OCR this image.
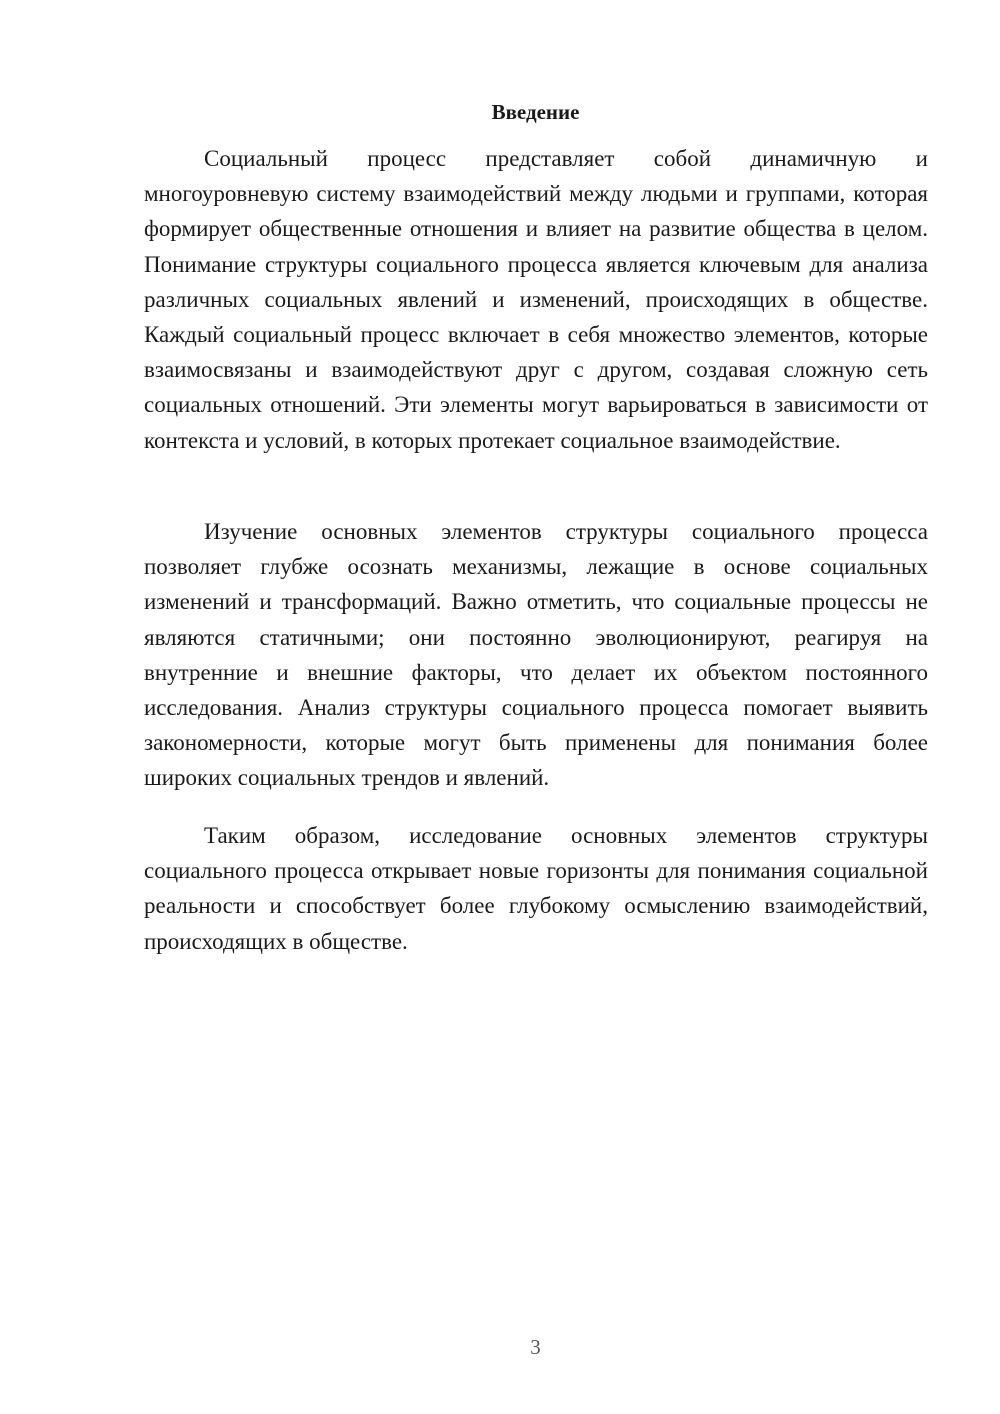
Введение

Социальный процесс представляет собой динамичную и многоуровневую систему взаимодействий между людьми и группами, которая формирует общественные отношения и влияет на развитие общества в целом. Понимание структуры социального процесса является ключевым для анализа различных социальных явлений и изменений, происходящих в обществе. Каждый социальный процесс включает в себя множество элементов, которые взаимосвязаны и взаимодействуют друг с другом, создавая сложную сеть социальных отношений. Эти элементы могут варьироваться в зависимости от контекста и условий, в которых протекает социальное взаимодействие.

Изучение основных элементов структуры социального процесса позволяет глубже осознать механизмы, лежащие в основе социальных изменений и трансформаций. Важно отметить, что социальные процессы не являются статичными; они постоянно эволюционируют, реагируя на внутренние и внешние факторы, что делает их объектом постоянного исследования. Анализ структуры социального процесса помогает выявить закономерности, которые могут быть применены для понимания более широких социальных трендов и явлений.

Таким образом, исследование основных элементов структуры социального процесса открывает новые горизонты для понимания социальной реальности и способствует более глубокому осмыслению взаимодействий, происходящих в обществе.

3
